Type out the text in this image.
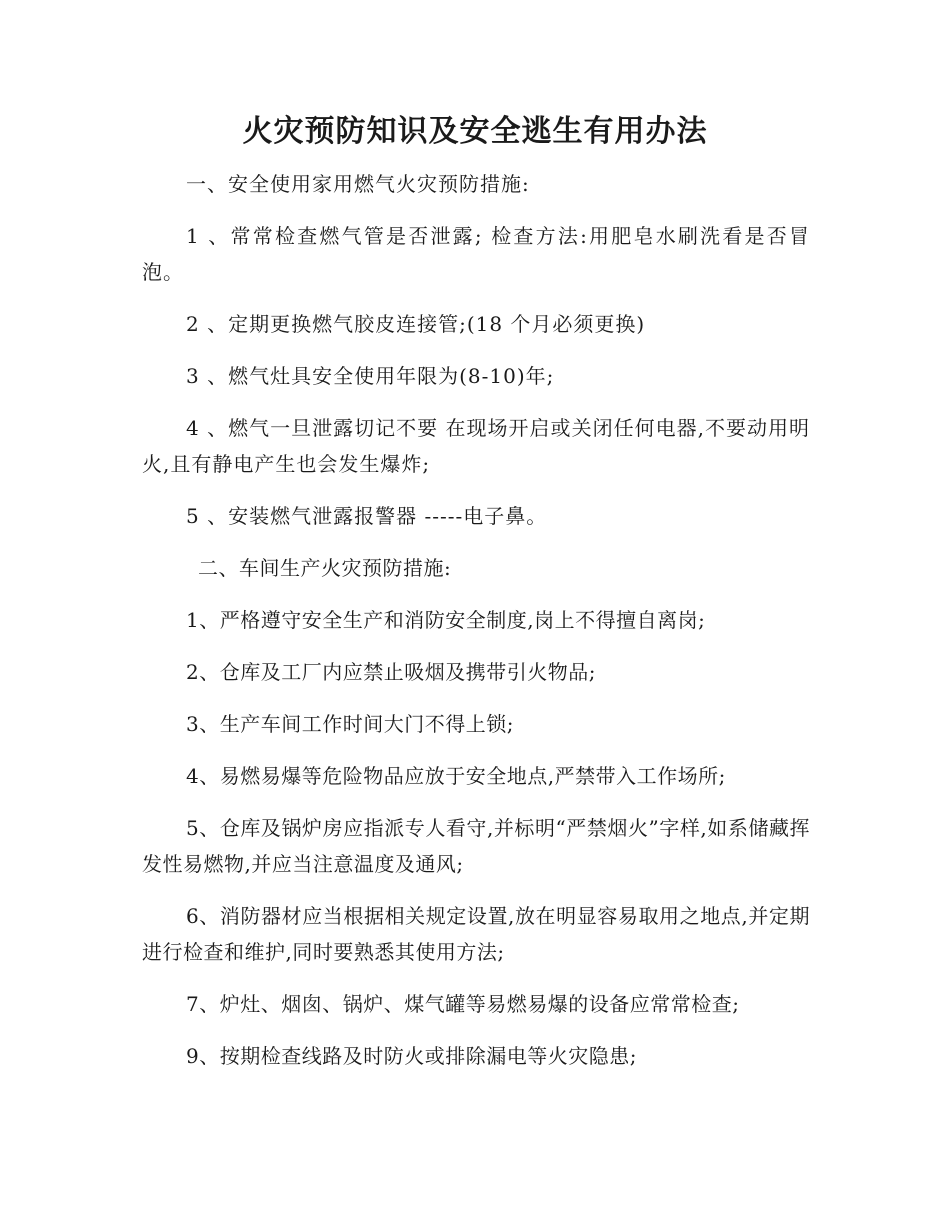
火灾预防知识及安全逃生有用办法

一、安全使用家用燃气火灾预防措施:

1 、常常检查燃气管是否泄露; 检查方法:用肥皂水刷洗看是否冒泡。

2 、定期更换燃气胶皮连接管;(18 个月必须更换)

3 、燃气灶具安全使用年限为(8-10)年;

4 、燃气一旦泄露切记不要 在现场开启或关闭任何电器,不要动用明火,且有静电产生也会发生爆炸;

5 、安装燃气泄露报警器 -----电子鼻。

二、车间生产火灾预防措施:

1、严格遵守安全生产和消防安全制度,岗上不得擅自离岗;

2、仓库及工厂内应禁止吸烟及携带引火物品;

3、生产车间工作时间大门不得上锁;

4、易燃易爆等危险物品应放于安全地点,严禁带入工作场所;

5、仓库及锅炉房应指派专人看守,并标明“严禁烟火”字样,如系储藏挥发性易燃物,并应当注意温度及通风;

6、消防器材应当根据相关规定设置,放在明显容易取用之地点,并定期进行检查和维护,同时要熟悉其使用方法;

7、炉灶、烟囱、锅炉、煤气罐等易燃易爆的设备应常常检查;

9、按期检查线路及时防火或排除漏电等火灾隐患;
